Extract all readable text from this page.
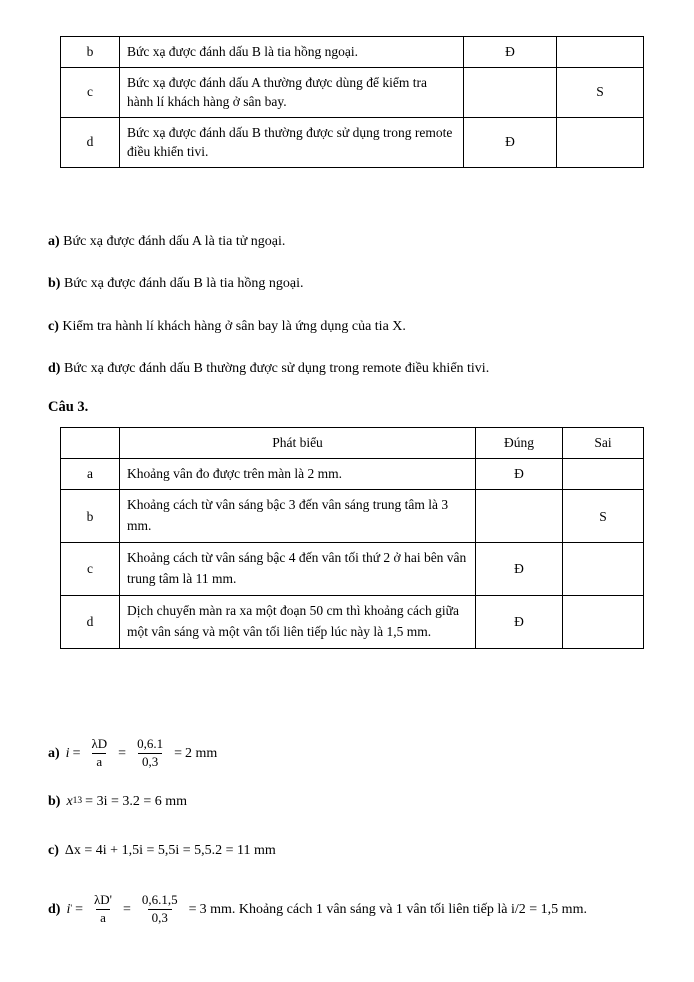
b	Bức xạ được đánh dấu B là tia hồng ngoại.	Đ	
c	Bức xạ được đánh dấu A thường được dùng để kiểm tra hành lí khách hàng ở sân bay.		S
d	Bức xạ được đánh dấu B thường được sử dụng trong remote điều khiển tivi.	Đ	
a) Bức xạ được đánh dấu A là tia tử ngoại.
b) Bức xạ được đánh dấu B là tia hồng ngoại.
c) Kiểm tra hành lí khách hàng ở sân bay là ứng dụng của tia X.
d) Bức xạ được đánh dấu B thường được sử dụng trong remote điều khiển tivi.
Câu 3.
	Phát biểu	Đúng	Sai
a	Khoảng vân đo được trên màn là 2 mm.	Đ	
b	Khoảng cách từ vân sáng bậc 3 đến vân sáng trung tâm là 3 mm.		S
c	Khoảng cách từ vân sáng bậc 4 đến vân tối thứ 2 ở hai bên vân trung tâm là 11 mm.	Đ	
d	Dịch chuyển màn ra xa một đoạn 50 cm thì khoảng cách giữa một vân sáng và một vân tối liên tiếp lúc này là 1,5 mm.	Đ	
a) $i = \frac{\lambda D}{a} = \frac{0,6.1}{0,3} = 2$ mm
b) x 13 = 3i = 3.2 = 6 mm
c) Δx = 4i + 1,5i = 5,5i = 5,5.2 = 11 mm
d) i ' = $\frac{\lambda D'}{a} = \frac{0,6.1,5}{0,3} = 3$ mm . Khoảng cách 1 vân sáng và 1 vân tối liên tiếp là i/2 = 1,5 mm.
